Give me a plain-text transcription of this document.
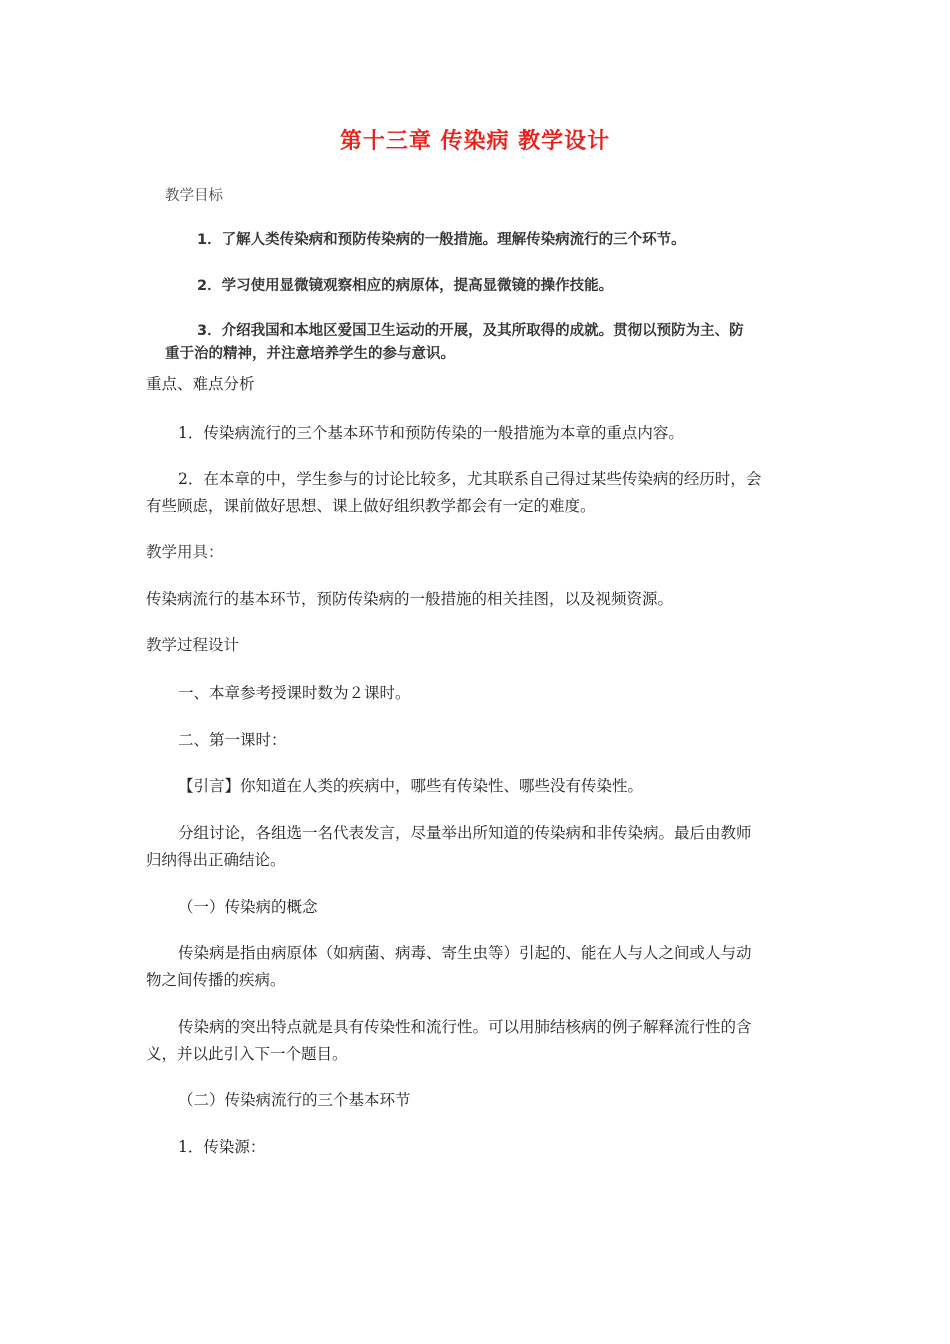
第十三章 传染病 教学设计
教学目标
1．了解人类传染病和预防传染病的一般措施。理解传染病流行的三个环节。
2．学习使用显微镜观察相应的病原体，提高显微镜的操作技能。
3．介绍我国和本地区爱国卫生运动的开展，及其所取得的成就。贯彻以预防为主、防
重于治的精神，并注意培养学生的参与意识。
重点、难点分析
1．传染病流行的三个基本环节和预防传染的一般措施为本章的重点内容。
2．在本章的中，学生参与的讨论比较多，尤其联系自己得过某些传染病的经历时，会
有些顾虑，课前做好思想、课上做好组织教学都会有一定的难度。
教学用具：
传染病流行的基本环节，预防传染病的一般措施的相关挂图，以及视频资源。
教学过程设计
一、本章参考授课时数为２课时。
二、第一课时：
【引言】你知道在人类的疾病中，哪些有传染性、哪些没有传染性。
分组讨论，各组选一名代表发言，尽量举出所知道的传染病和非传染病。最后由教师
归纳得出正确结论。
（一）传染病的概念
传染病是指由病原体（如病菌、病毒、寄生虫等）引起的、能在人与人之间或人与动
物之间传播的疾病。
传染病的突出特点就是具有传染性和流行性。可以用肺结核病的例子解释流行性的含
义，并以此引入下一个题目。
（二）传染病流行的三个基本环节
1．传染源：
